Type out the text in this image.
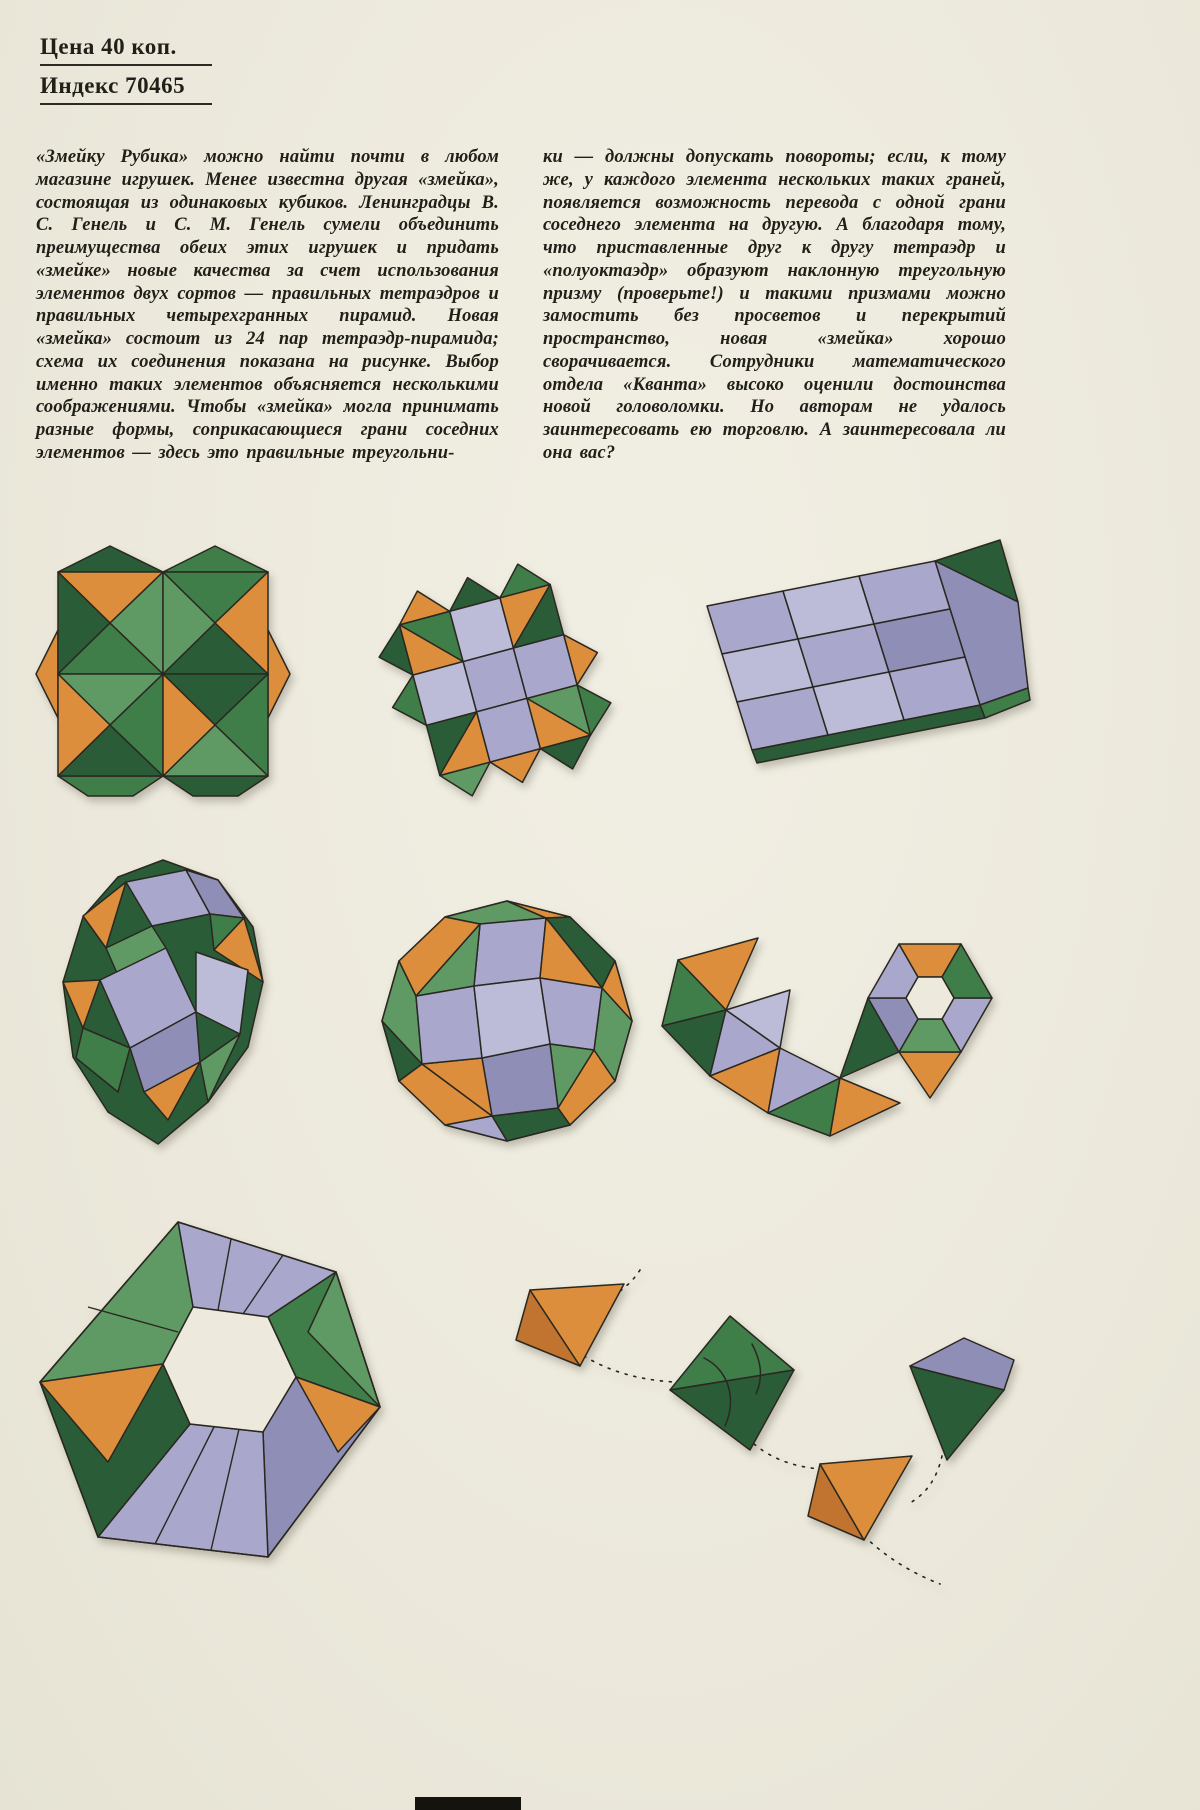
Цена 40 коп.
Индекс 70465
«Змейку Рубика» можно найти почти в любом магазине игрушек. Менее известна другая «змейка», состоящая из одинаковых кубиков. Ленинградцы В. С. Генель и С. М. Генель сумели объединить преимущества обеих этих игрушек и придать «змейке» новые качества за счет использования элементов двух сортов — правильных тетраэдров и правильных четырехгранных пирамид. Новая «змейка» состоит из 24 пар тетраэдр-пирамида; схема их соединения показана на рисунке. Выбор именно таких элементов объясняется несколькими соображениями. Чтобы «змейка» могла принимать разные формы, соприкасающиеся грани соседних элементов — здесь это правильные треугольни-
ки — должны допускать повороты; если, к тому же, у каждого элемента нескольких таких граней, появляется возможность перевода с одной грани соседнего элемента на другую. А благодаря тому, что приставленные друг к другу тетраэдр и «полуоктаэдр» образуют наклонную треугольную призму (проверьте!) и такими призмами можно замостить без просветов и перекрытий пространство, новая «змейка» хорошо сворачивается. Сотрудники математического отдела «Кванта» высоко оценили достоинства новой головоломки. Но авторам не удалось заинтересовать ею торговлю. А заинтересовала ли она вас?
